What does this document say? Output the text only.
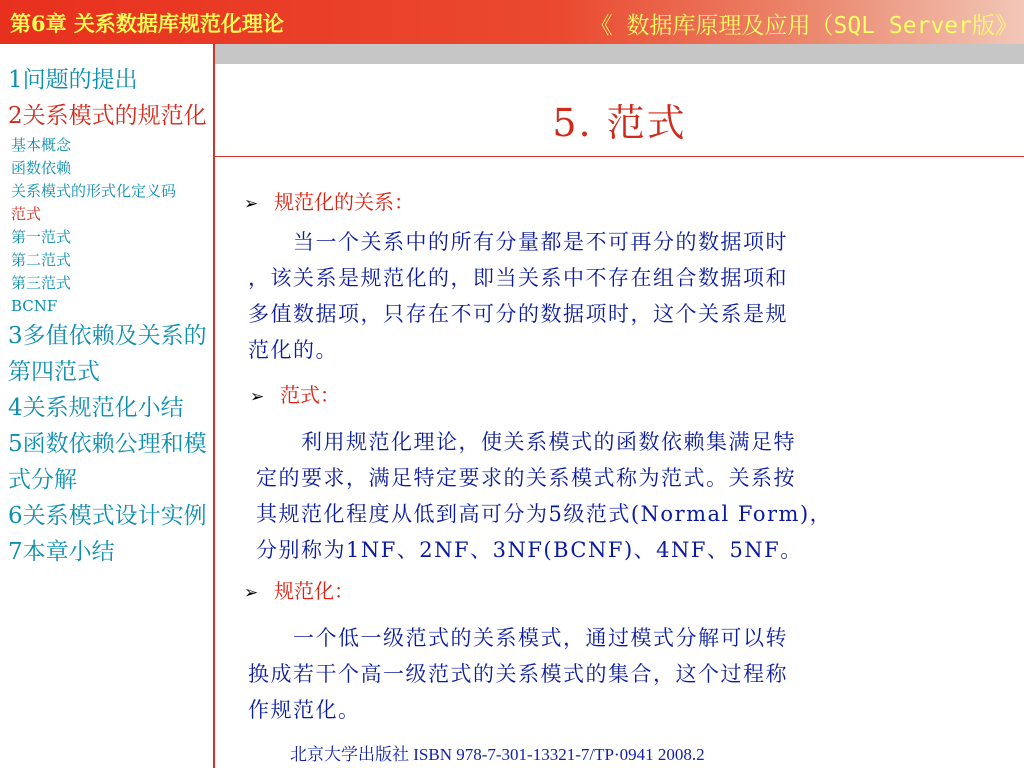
第6章 关系数据库规范化理论	《 数据库原理及应用（SQL Server版》
1问题的提出
2关系模式的规范化
基本概念
函数依赖
关系模式的形式化定义码
范式
第一范式
第二范式
第三范式
BCNF
3多值依赖及关系的第四范式
4关系规范化小结
5函数依赖公理和模式分解
6关系模式设计实例
7本章小结
5. 范式
➢ 规范化的关系：
　　当一个关系中的所有分量都是不可再分的数据项时
，该关系是规范化的，即当关系中不存在组合数据项和
多值数据项，只存在不可分的数据项时，这个关系是规
范化的。
➢ 范式：
　　利用规范化理论，使关系模式的函数依赖集满足特
定的要求，满足特定要求的关系模式称为范式。关系按
其规范化程度从低到高可分为5级范式(Normal Form)，
分别称为1NF、2NF、3NF(BCNF)、4NF、5NF。
➢ 规范化：
　　一个低一级范式的关系模式，通过模式分解可以转
换成若干个高一级范式的关系模式的集合，这个过程称
作规范化。
北京大学出版社 ISBN 978-7-301-13321-7/TP·0941 2008.2
